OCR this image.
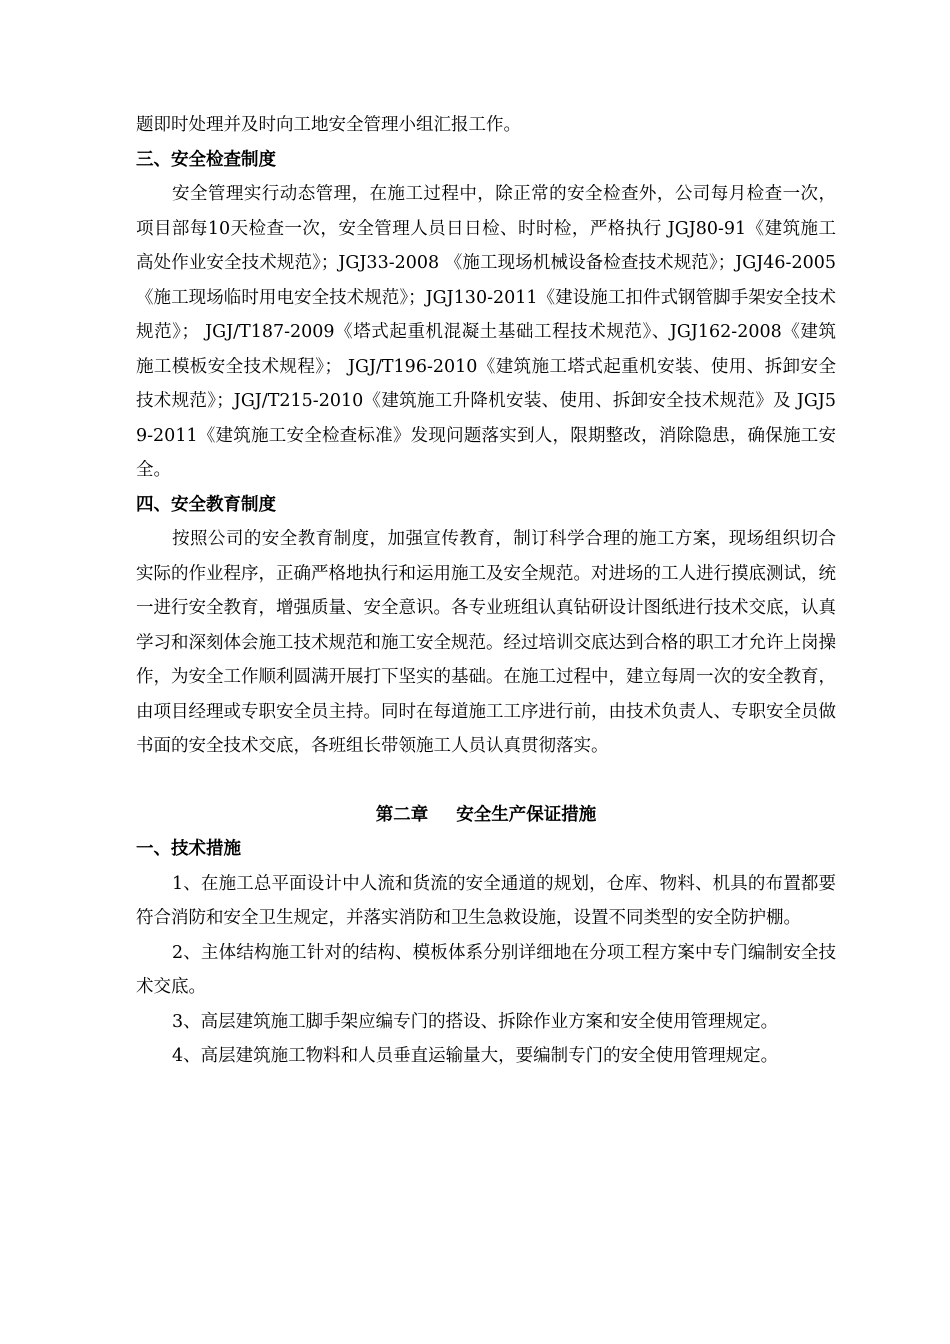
题即时处理并及时向工地安全管理小组汇报工作。

三、安全检查制度

安全管理实行动态管理，在施工过程中，除正常的安全检查外，公司每月检查一次，项目部每10天检查一次，安全管理人员日日检、时时检，严格执行 JGJ80-91《建筑施工高处作业安全技术规范》；JGJ33-2008 《施工现场机械设备检查技术规范》；JGJ46-2005《施工现场临时用电安全技术规范》；JGJ130-2011《建设施工扣件式钢管脚手架安全技术规范》； JGJ/T187-2009《塔式起重机混凝土基础工程技术规范》、JGJ162-2008《建筑施工模板安全技术规程》； JGJ/T196-2010《建筑施工塔式起重机安装、使用、拆卸安全技术规范》；JGJ/T215-2010《建筑施工升降机安装、使用、拆卸安全技术规范》及 JGJ59-2011《建筑施工安全检查标准》发现问题落实到人，限期整改，消除隐患，确保施工安全。

四、安全教育制度

按照公司的安全教育制度，加强宣传教育，制订科学合理的施工方案，现场组织切合实际的作业程序，正确严格地执行和运用施工及安全规范。对进场的工人进行摸底测试，统一进行安全教育，增强质量、安全意识。各专业班组认真钻研设计图纸进行技术交底，认真学习和深刻体会施工技术规范和施工安全规范。经过培训交底达到合格的职工才允许上岗操作，为安全工作顺利圆满开展打下坚实的基础。在施工过程中，建立每周一次的安全教育，由项目经理或专职安全员主持。同时在每道施工工序进行前，由技术负责人、专职安全员做书面的安全技术交底，各班组长带领施工人员认真贯彻落实。

第二章 安全生产保证措施

一、技术措施

1、在施工总平面设计中人流和货流的安全通道的规划，仓库、物料、机具的布置都要符合消防和安全卫生规定，并落实消防和卫生急救设施，设置不同类型的安全防护棚。

2、主体结构施工针对的结构、模板体系分别详细地在分项工程方案中专门编制安全技术交底。

3、高层建筑施工脚手架应编专门的搭设、拆除作业方案和安全使用管理规定。

4、高层建筑施工物料和人员垂直运输量大，要编制专门的安全使用管理规定。
